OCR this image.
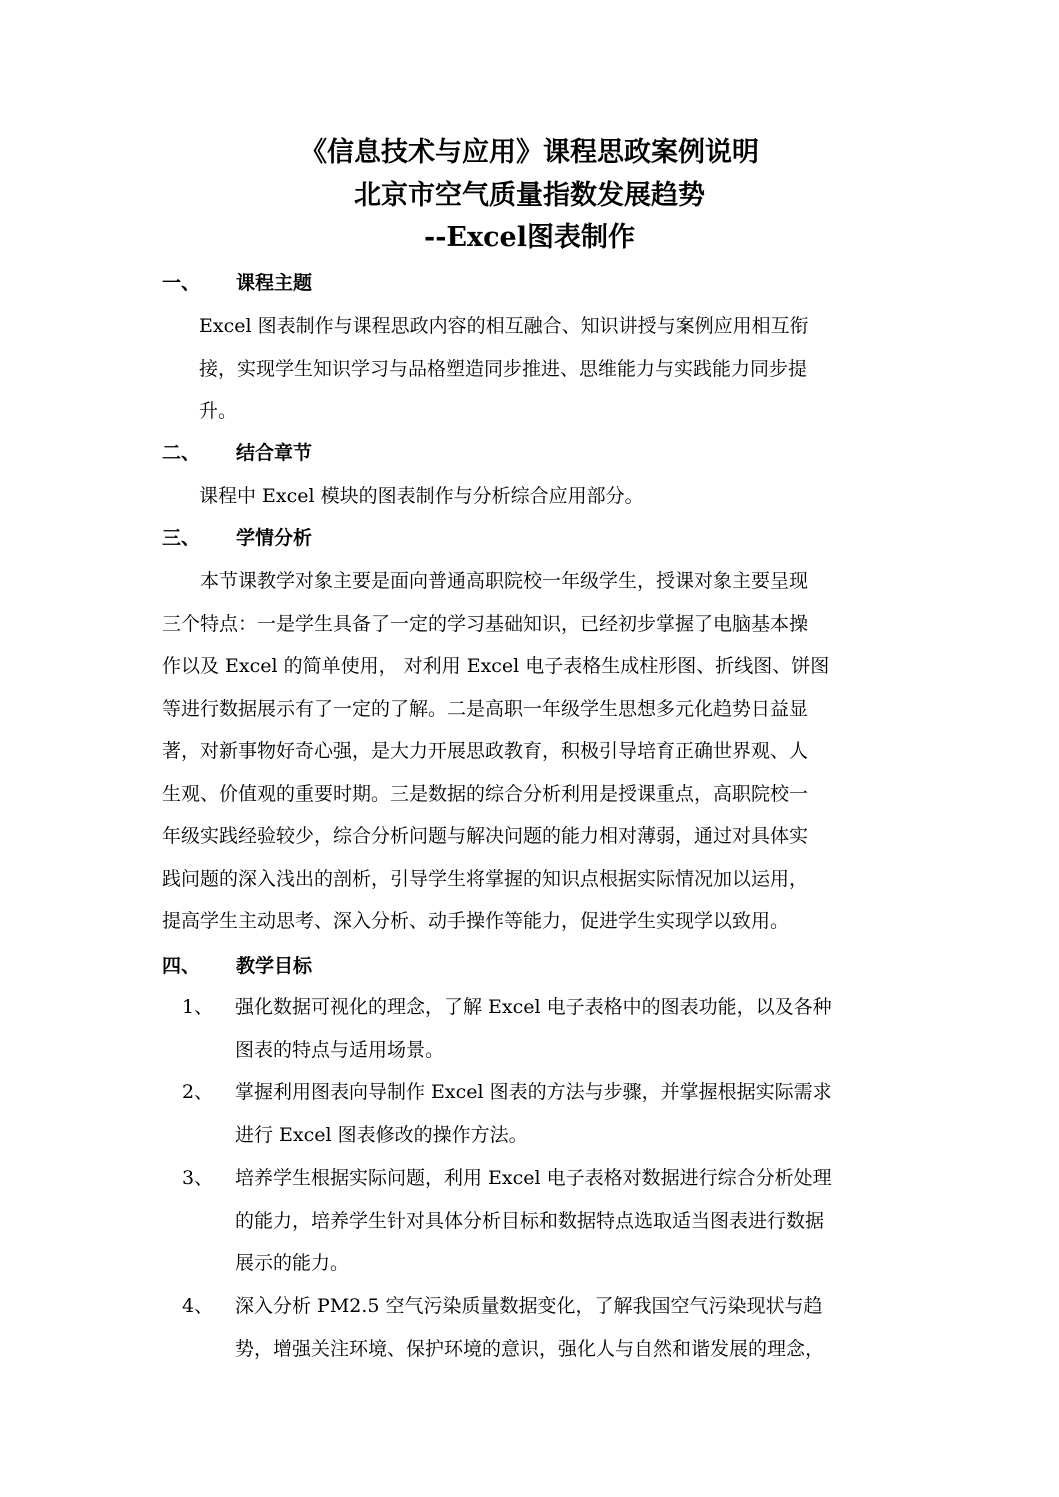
《信息技术与应用》课程思政案例说明
北京市空气质量指数发展趋势
--Excel图表制作
一、 课程主题
Excel 图表制作与课程思政内容的相互融合、知识讲授与案例应用相互衔
接，实现学生知识学习与品格塑造同步推进、思维能力与实践能力同步提
升。
二、 结合章节
课程中 Excel 模块的图表制作与分析综合应用部分。
三、 学情分析
本节课教学对象主要是面向普通高职院校一年级学生，授课对象主要呈现
三个特点：一是学生具备了一定的学习基础知识，已经初步掌握了电脑基本操
作以及 Excel 的简单使用， 对利用 Excel 电子表格生成柱形图、折线图、饼图
等进行数据展示有了一定的了解。二是高职一年级学生思想多元化趋势日益显
著，对新事物好奇心强，是大力开展思政教育，积极引导培育正确世界观、人
生观、价值观的重要时期。三是数据的综合分析利用是授课重点，高职院校一
年级实践经验较少，综合分析问题与解决问题的能力相对薄弱，通过对具体实
践问题的深入浅出的剖析，引导学生将掌握的知识点根据实际情况加以运用，
提高学生主动思考、深入分析、动手操作等能力，促进学生实现学以致用。
四、 教学目标
1、 强化数据可视化的理念，了解 Excel 电子表格中的图表功能，以及各种
图表的特点与适用场景。
2、 掌握利用图表向导制作 Excel 图表的方法与步骤，并掌握根据实际需求
进行 Excel 图表修改的操作方法。
3、 培养学生根据实际问题，利用 Excel 电子表格对数据进行综合分析处理
的能力，培养学生针对具体分析目标和数据特点选取适当图表进行数据
展示的能力。
4、 深入分析 PM2.5 空气污染质量数据变化，了解我国空气污染现状与趋
势，增强关注环境、保护环境的意识，强化人与自然和谐发展的理念，
